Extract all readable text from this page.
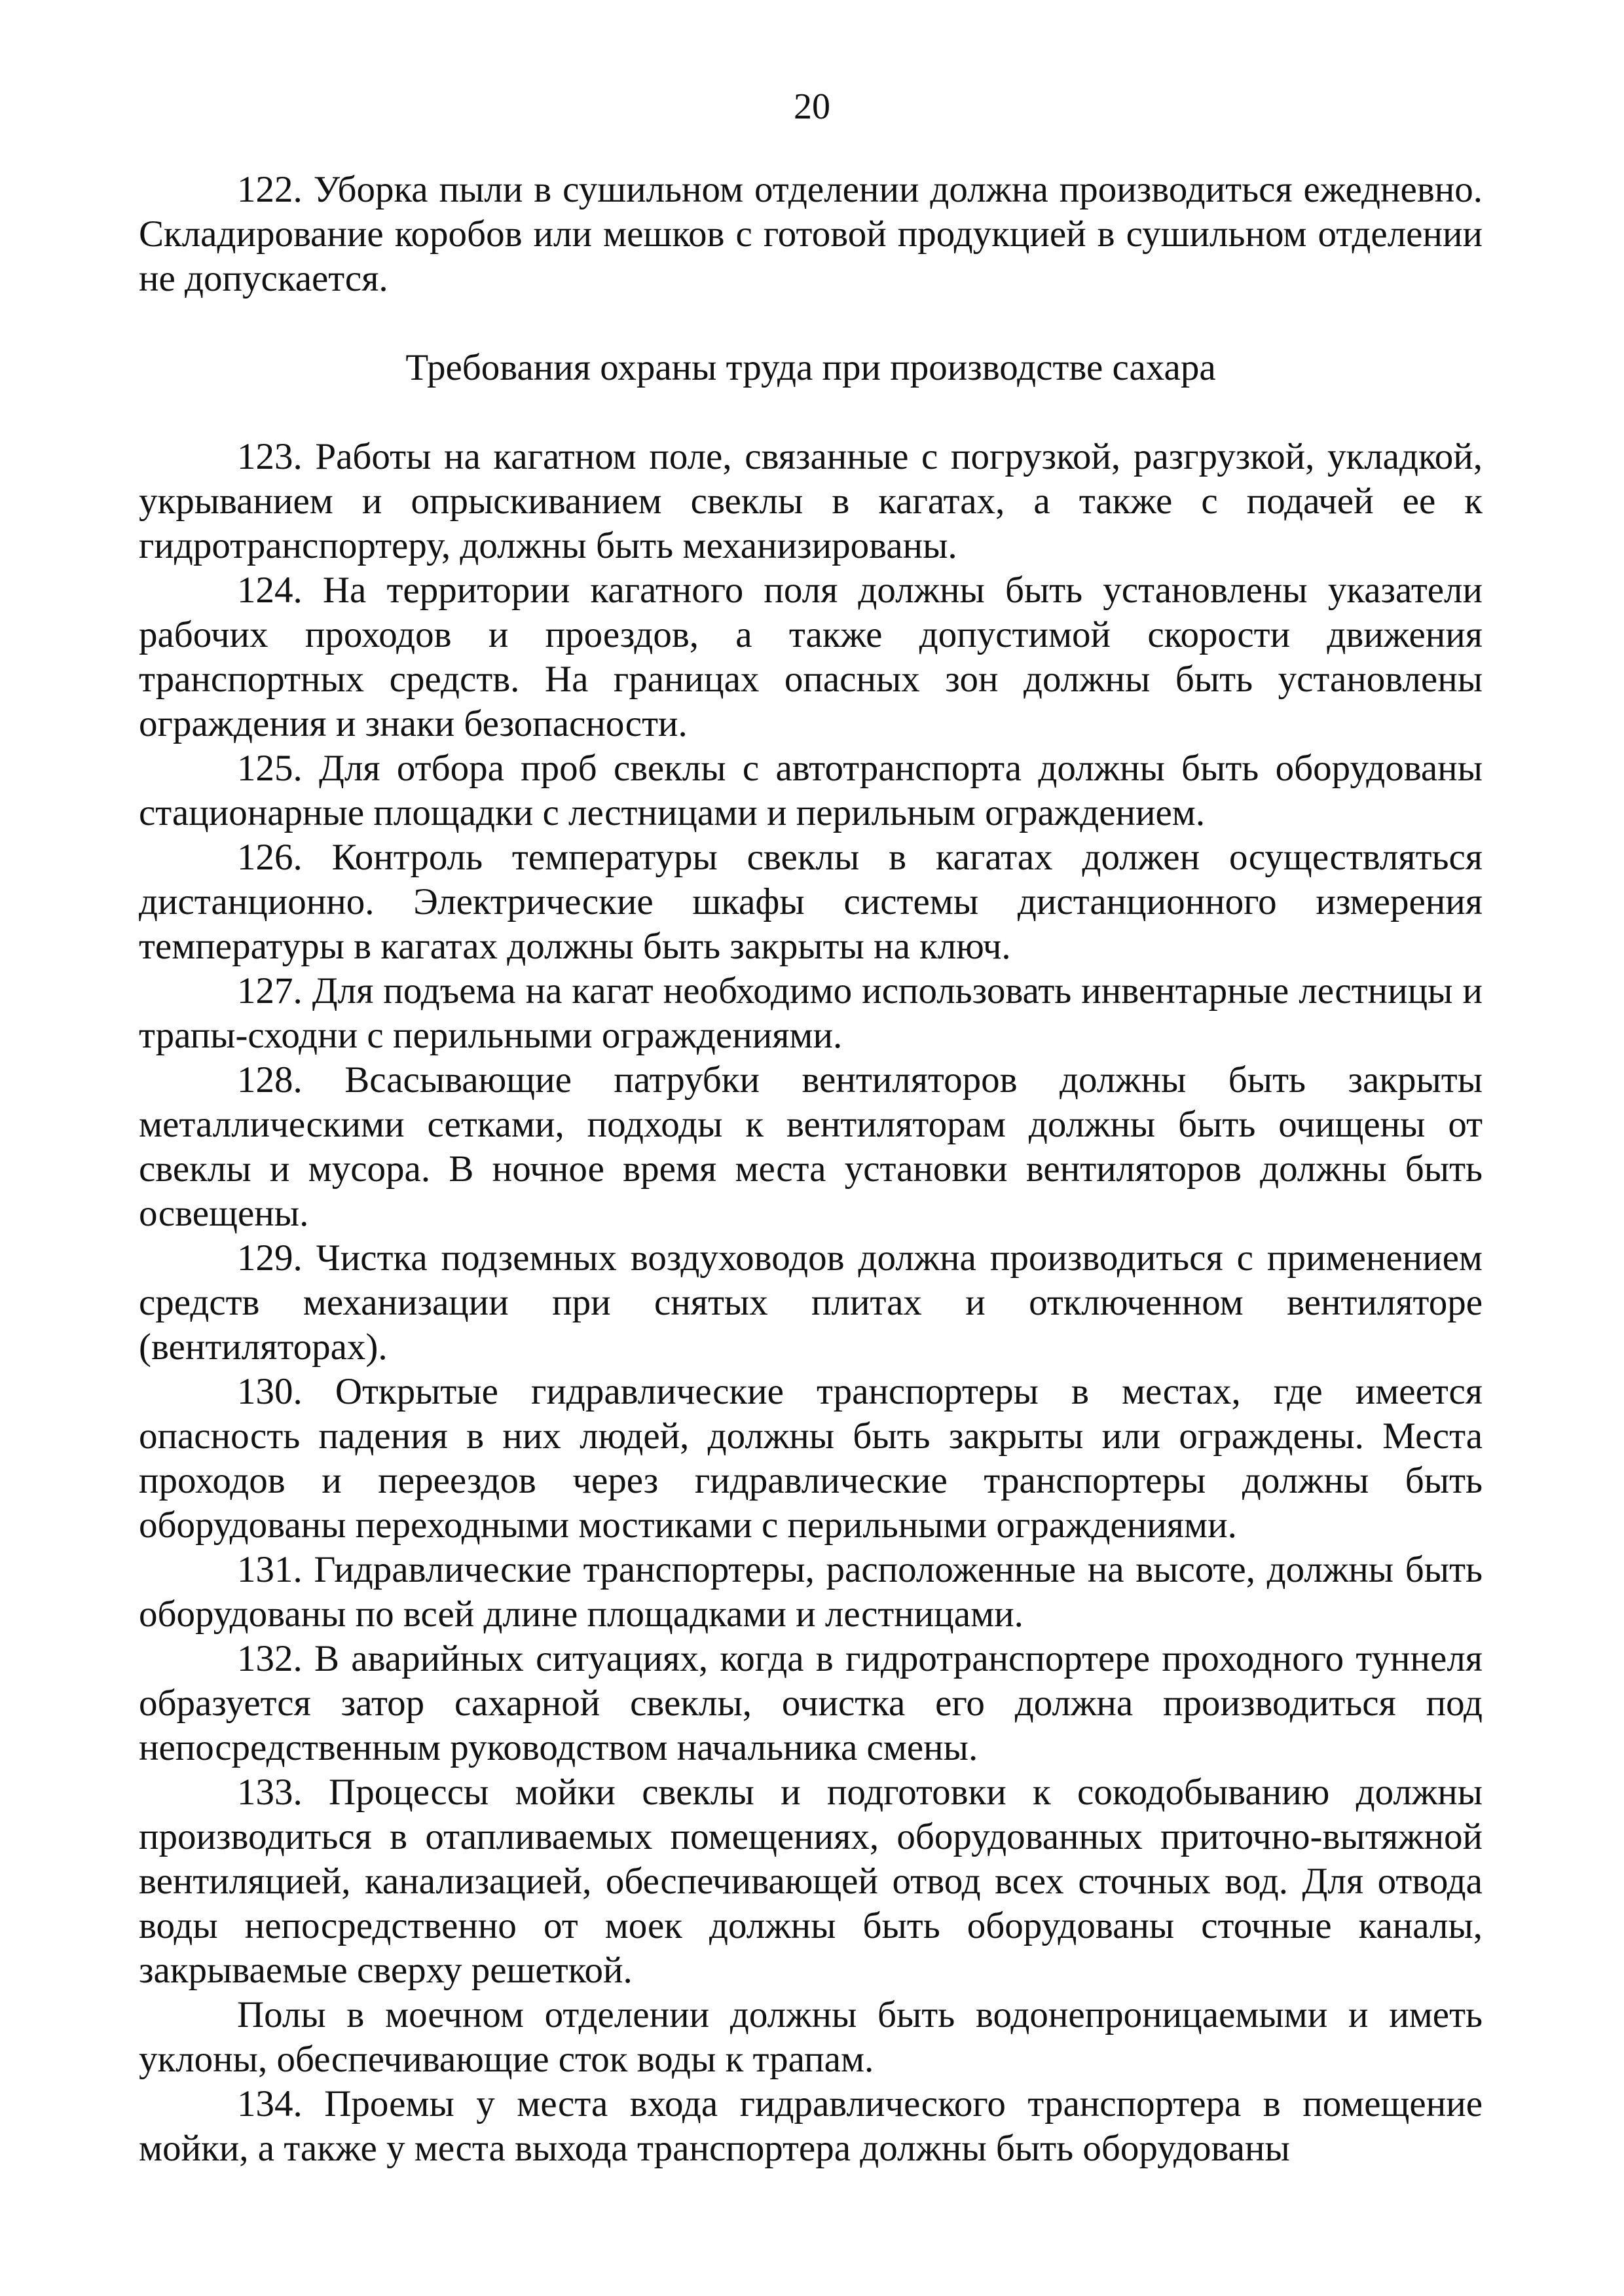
20

122. Уборка пыли в сушильном отделении должна производиться ежедневно. Складирование коробов или мешков с готовой продукцией в сушильном отделении не допускается.

Требования охраны труда при производстве сахара

123. Работы на кагатном поле, связанные с погрузкой, разгрузкой, укладкой, укрыванием и опрыскиванием свеклы в кагатах, а также с подачей ее к гидротранспортеру, должны быть механизированы.

124. На территории кагатного поля должны быть установлены указатели рабочих проходов и проездов, а также допустимой скорости движения транспортных средств. На границах опасных зон должны быть установлены ограждения и знаки безопасности.

125. Для отбора проб свеклы с автотранспорта должны быть оборудованы стационарные площадки с лестницами и перильным ограждением.

126. Контроль температуры свеклы в кагатах должен осуществляться дистанционно. Электрические шкафы системы дистанционного измерения температуры в кагатах должны быть закрыты на ключ.

127. Для подъема на кагат необходимо использовать инвентарные лестницы и трапы-сходни с перильными ограждениями.

128. Всасывающие патрубки вентиляторов должны быть закрыты металлическими сетками, подходы к вентиляторам должны быть очищены от свеклы и мусора. В ночное время места установки вентиляторов должны быть освещены.

129. Чистка подземных воздуховодов должна производиться с применением средств механизации при снятых плитах и отключенном вентиляторе (вентиляторах).

130. Открытые гидравлические транспортеры в местах, где имеется опасность падения в них людей, должны быть закрыты или ограждены. Места проходов и переездов через гидравлические транспортеры должны быть оборудованы переходными мостиками с перильными ограждениями.

131. Гидравлические транспортеры, расположенные на высоте, должны быть оборудованы по всей длине площадками и лестницами.

132. В аварийных ситуациях, когда в гидротранспортере проходного туннеля образуется затор сахарной свеклы, очистка его должна производиться под непосредственным руководством начальника смены.

133. Процессы мойки свеклы и подготовки к сокодобыванию должны производиться в отапливаемых помещениях, оборудованных приточно-вытяжной вентиляцией, канализацией, обеспечивающей отвод всех сточных вод. Для отвода воды непосредственно от моек должны быть оборудованы сточные каналы, закрываемые сверху решеткой.

Полы в моечном отделении должны быть водонепроницаемыми и иметь уклоны, обеспечивающие сток воды к трапам.

134. Проемы у места входа гидравлического транспортера в помещение мойки, а также у места выхода транспортера должны быть оборудованы
